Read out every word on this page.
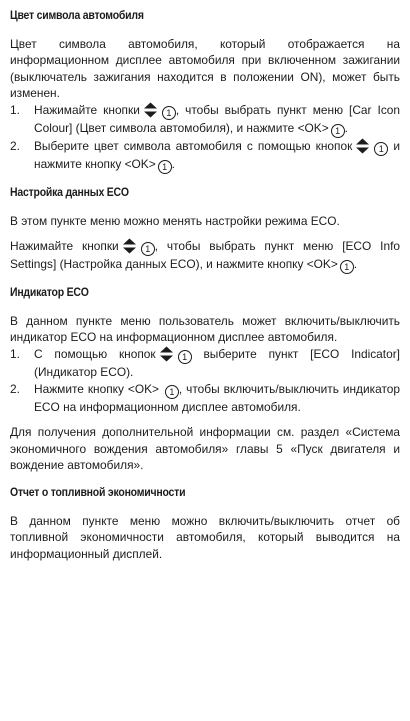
Цвет символа автомобиля

Цвет символа автомобиля, который отображается на информационном дисплее автомобиля при включенном зажигании (выключатель зажигания находится в положении ON), может быть изменен.

1.	Нажимайте кнопки	1 , чтобы выбрать пункт меню [Car Icon Colour] (Цвет символа автомобиля), и нажмите <OK> 1 .
2.	Выберите цвет символа автомобиля с помощью кнопок	1 и нажмите кнопку <OK> 1 .
Настройка данных ECO

В этом пункте меню можно менять настройки режима ECO.

Нажимайте кнопки	1 , чтобы выбрать пункт меню [ECO Info Settings] (Настройка данных ECO), и нажмите кнопку <OK> 1 .

Индикатор ECO

В данном пункте меню пользователь может включить/выключить индикатор ECO на информационном дисплее автомобиля.

1.	С помощью кнопок	1 выберите пункт [ECO Indicator] (Индикатор ECO).
2.	Нажмите кнопку <OK> 1 , чтобы включить/выключить индикатор ECO на информационном дисплее автомобиля.

Для получения дополнительной информации см. раздел «Система экономичного вождения автомобиля» главы 5 «Пуск двигателя и вождение автомобиля».

Отчет о топливной экономичности

В данном пункте меню можно включить/выключить отчет об топливной экономичности автомобиля, который выводится на информационный дисплей.
